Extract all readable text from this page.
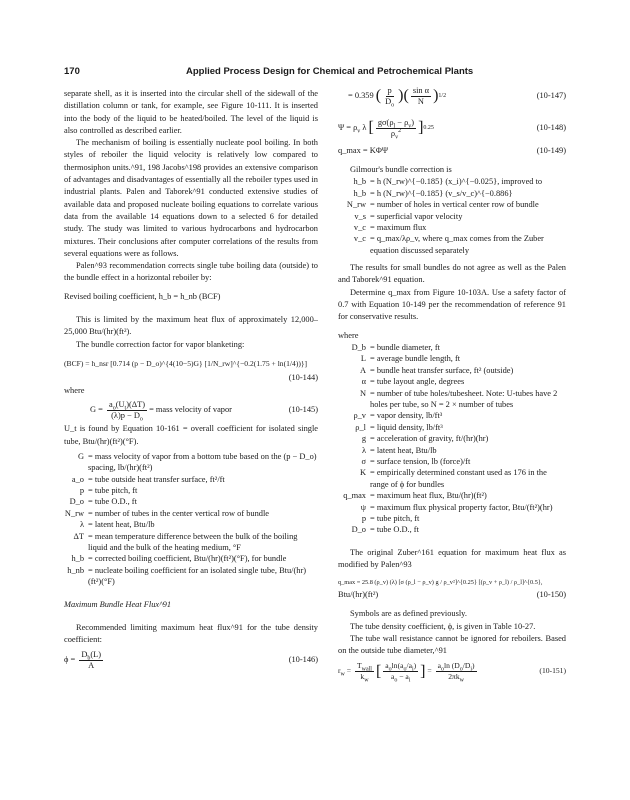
170	Applied Process Design for Chemical and Petrochemical Plants

separate shell, as it is inserted into the circular shell of the sidewall of the distillation column or tank, for example, see Figure 10-111. It is inserted into the body of the liquid to be heated/boiled. The level of the liquid is also controlled as described earlier.

The mechanism of boiling is essentially nucleate pool boiling. In both styles of reboiler the liquid velocity is relatively low compared to thermosiphon units.^91, 198 Jacobs^198 provides an extensive comparison of advantages and disadvantages of essentially all the reboiler types used in industrial plants. Palen and Taborek^91 conducted extensive studies of available data and proposed nucleate boiling equations to correlate various data from the available 14 equations down to a selected 6 for detailed study. The study was limited to various hydrocarbons and hydrocarbon mixtures. Their conclusions after computer correlations of the results from several equations were as follows.

Palen^93 recommendation corrects single tube boiling data (outside) to the bundle effect in a horizontal reboiler by:

Revised boiling coefficient, h_b = h_nb (BCF)

This is limited by the maximum heat flux of approximately 12,000–25,000 Btu/(hr)(ft²).

The bundle correction factor for vapor blanketing:

(BCF) = h_nsr [0.714 (p − D_o)^{4(10−5)G} [1/N_rw]^{−0.2(1.75 + ln(1/4))}]
(10-144)

where

$G = \frac{a_o(U_t)(\Delta T)}{(\lambda)p - D_o}$ = mass velocity of vapor	(10-145)

U_t is found by Equation 10-161 = overall coefficient for isolated single tube, Btu/(hr)(ft²)(°F).

G = mass velocity of vapor from a bottom tube based on the (p − D_o) spacing, lb/(hr)(ft²)
a_o = tube outside heat transfer surface, ft²/ft
p = tube pitch, ft
D_o = tube O.D., ft
N_rw = number of tubes in the center vertical row of bundle
λ = latent heat, Btu/lb
ΔT = mean temperature difference between the bulk of the boiling liquid and the bulk of the heating medium, °F
h_b = corrected boiling coefficient, Btu/(hr)(ft²)(°F), for bundle
h_nb = nucleate boiling coefficient for an isolated single tube, Btu/(hr)(ft²)(°F)

Maximum Bundle Heat Flux^91

Recommended limiting maximum heat flux^91 for the tube density coefficient:

$\phi = \frac{D_b(L)}{A}$	(10-146)
= 0.359 ( $\frac{p}{D_o}$ ) ( $\frac{\text{sin α}}{N}$ ) 1/2	(10-147)
$\Psi = \rho_v$ λ [ $\frac{g\sigma(\rho_l - \rho_v)}{\rho_v^2}$ ] 0.25	(10-148)
q_max = KΦΨ	(10-149)

Gilmour's bundle correction is

h_b = h (N_rw)^{−0.185} (x_i)^{−0.025}, improved to
h_b = h (N_rw)^{−0.185} (v_s/v_c)^{−0.886}
N_rw = number of holes in vertical center row of bundle
v_s = superficial vapor velocity
v_c = maximum flux
v_c = q_max/λρ_v, where q_max comes from the Zuber equation discussed separately

The results for small bundles do not agree as well as the Palen and Taborek^91 equation.

Determine q_max from Figure 10-103A. Use a safety factor of 0.7 with Equation 10-149 per the recommendation of reference 91 for conservative results.

where

D_b = bundle diameter, ft
L = average bundle length, ft
A = bundle heat transfer surface, ft² (outside)
α = tube layout angle, degrees
N = number of tube holes/tubesheet. Note: U-tubes have 2 holes per tube, so N = 2 × number of tubes
ρ_v = vapor density, lb/ft³
ρ_l = liquid density, lb/ft³
g = acceleration of gravity, ft/(hr)(hr)
λ = latent heat, Btu/lb
σ = surface tension, lb (force)/ft
K = empirically determined constant used as 176 in the range of ϕ for bundles
q_max = maximum heat flux, Btu/(hr)(ft²)
ψ = maximum flux physical property factor, Btu/(ft²)(hr)
p = tube pitch, ft
D_o = tube O.D., ft

The original Zuber^161 equation for maximum heat flux as modified by Palen^93

q_max = 25.8 (ρ_v) (λ) [σ (ρ_l − ρ_v) g / ρ_v²]^{0.25} [(ρ_v + ρ_l) / ρ_l]^{0.5},
Btu/(hr)(ft²)	(10-150)

Symbols are as defined previously.

The tube density coefficient, ϕ, is given in Table 10-27.

The tube wall resistance cannot be ignored for reboilers. Based on the outside tube diameter,^91

$r_w = \frac{T_{wall}}{k_w}$ [ $\frac{a_o\ln(a_o/a_i)}{a_o - a_i}$ ] = $\frac{a_o\ln (D_o/D_i)}{2\pi k_w}$	(10-151)
